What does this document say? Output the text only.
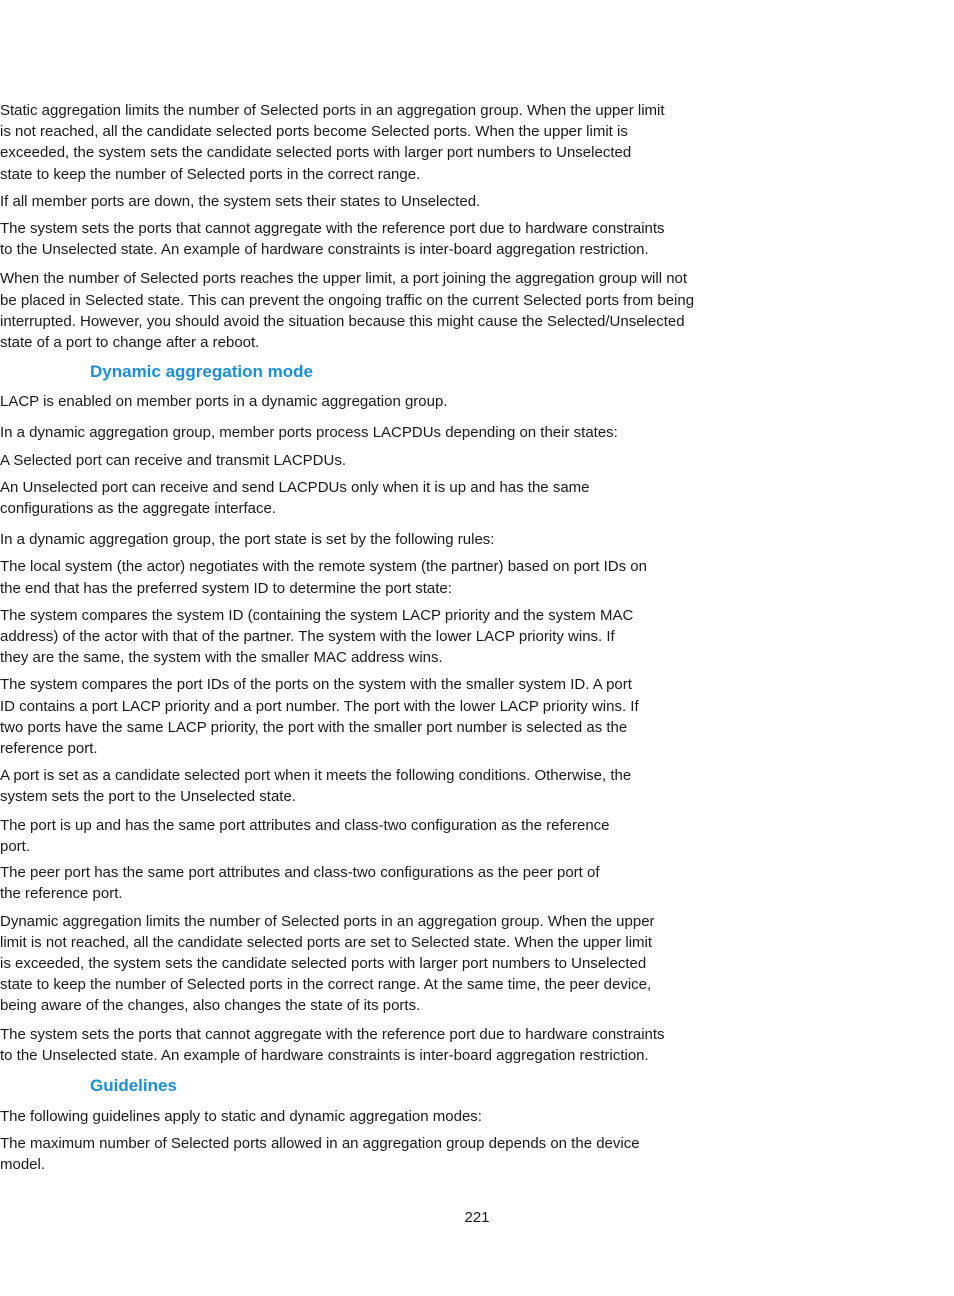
Static aggregation limits the number of Selected ports in an aggregation group. When the upper limit is not reached, all the candidate selected ports become Selected ports. When the upper limit is exceeded, the system sets the candidate selected ports with larger port numbers to Unselected state to keep the number of Selected ports in the correct range.
If all member ports are down, the system sets their states to Unselected.
The system sets the ports that cannot aggregate with the reference port due to hardware constraints to the Unselected state. An example of hardware constraints is inter-board aggregation restriction.

When the number of Selected ports reaches the upper limit, a port joining the aggregation group will not be placed in Selected state. This can prevent the ongoing traffic on the current Selected ports from being interrupted. However, you should avoid the situation because this might cause the Selected/Unselected state of a port to change after a reboot.

Dynamic aggregation mode

LACP is enabled on member ports in a dynamic aggregation group.

In a dynamic aggregation group, member ports process LACPDUs depending on their states:

A Selected port can receive and transmit LACPDUs.
An Unselected port can receive and send LACPDUs only when it is up and has the same configurations as the aggregate interface.

In a dynamic aggregation group, the port state is set by the following rules:

The local system (the actor) negotiates with the remote system (the partner) based on port IDs on the end that has the preferred system ID to determine the port state:
The system compares the system ID (containing the system LACP priority and the system MAC address) of the actor with that of the partner. The system with the lower LACP priority wins. If they are the same, the system with the smaller MAC address wins.
The system compares the port IDs of the ports on the system with the smaller system ID. A port ID contains a port LACP priority and a port number. The port with the lower LACP priority wins. If two ports have the same LACP priority, the port with the smaller port number is selected as the reference port.
A port is set as a candidate selected port when it meets the following conditions. Otherwise, the system sets the port to the Unselected state.
The port is up and has the same port attributes and class-two configuration as the reference port.
The peer port has the same port attributes and class-two configurations as the peer port of the reference port.
Dynamic aggregation limits the number of Selected ports in an aggregation group. When the upper limit is not reached, all the candidate selected ports are set to Selected state. When the upper limit is exceeded, the system sets the candidate selected ports with larger port numbers to Unselected state to keep the number of Selected ports in the correct range. At the same time, the peer device, being aware of the changes, also changes the state of its ports.
The system sets the ports that cannot aggregate with the reference port due to hardware constraints to the Unselected state. An example of hardware constraints is inter-board aggregation restriction.
Guidelines

The following guidelines apply to static and dynamic aggregation modes:

The maximum number of Selected ports allowed in an aggregation group depends on the device model.
221
